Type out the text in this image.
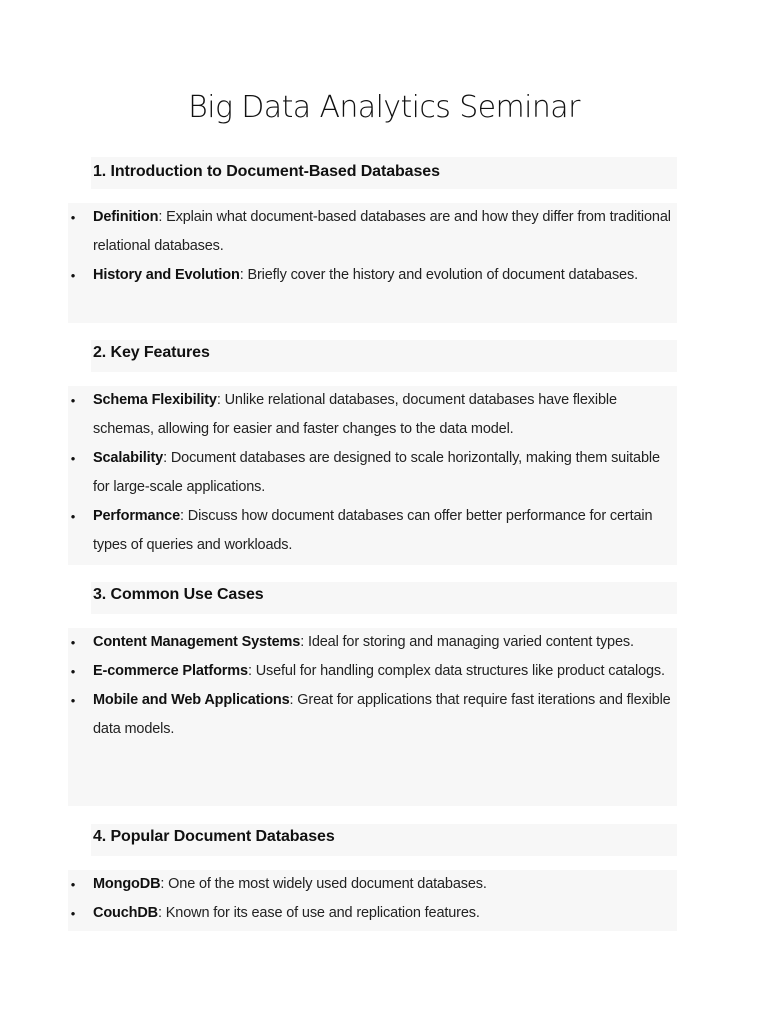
Big Data Analytics Seminar
1. Introduction to Document-Based Databases
• Definition: Explain what document-based databases are and how they differ from traditional relational databases.
• History and Evolution: Briefly cover the history and evolution of document databases.
2. Key Features
• Schema Flexibility: Unlike relational databases, document databases have flexible schemas, allowing for easier and faster changes to the data model.
• Scalability: Document databases are designed to scale horizontally, making them suitable for large-scale applications.
• Performance: Discuss how document databases can offer better performance for certain types of queries and workloads.
3. Common Use Cases
• Content Management Systems: Ideal for storing and managing varied content types.
• E-commerce Platforms: Useful for handling complex data structures like product catalogs.
• Mobile and Web Applications: Great for applications that require fast iterations and flexible data models.
4. Popular Document Databases
• MongoDB: One of the most widely used document databases.
• CouchDB: Known for its ease of use and replication features.
